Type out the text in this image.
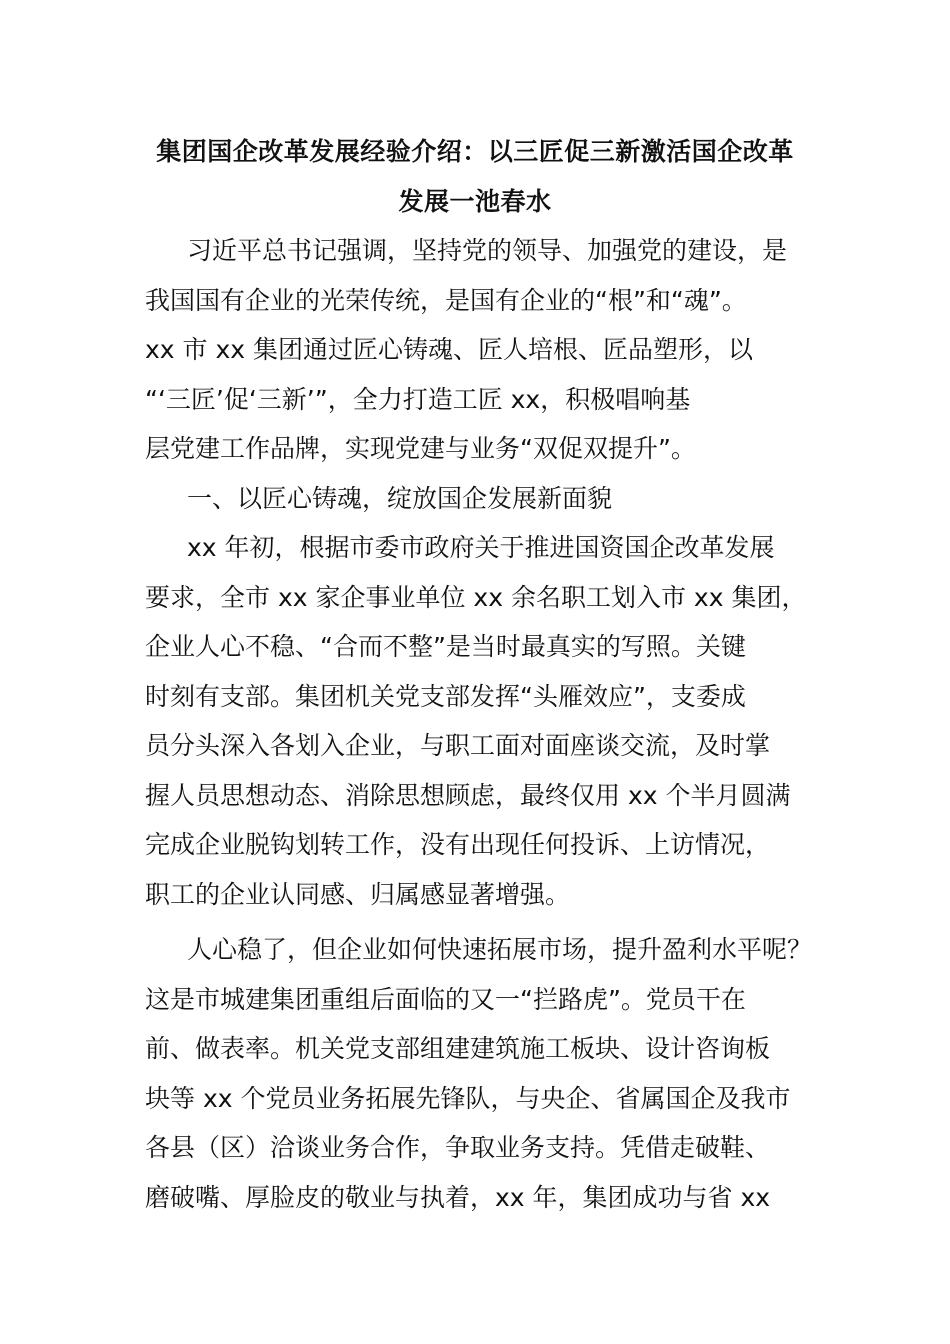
集团国企改革发展经验介绍：以三匠促三新激活国企改革
发展一池春水
习近平总书记强调，坚持党的领导、加强党的建设，是
我国国有企业的光荣传统，是国有企业的“根”和“魂”。
xx 市 xx 集团通过匠心铸魂、匠人培根、匠品塑形，以
“‘三匠’促‘三新’”，全力打造工匠 xx，积极唱响基
层党建工作品牌，实现党建与业务“双促双提升”。
一、以匠心铸魂，绽放国企发展新面貌
xx 年初，根据市委市政府关于推进国资国企改革发展
要求，全市 xx 家企事业单位 xx 余名职工划入市 xx 集团，
企业人心不稳、“合而不整”是当时最真实的写照。关键
时刻有支部。集团机关党支部发挥“头雁效应”，支委成
员分头深入各划入企业，与职工面对面座谈交流，及时掌
握人员思想动态、消除思想顾虑，最终仅用 xx 个半月圆满
完成企业脱钩划转工作，没有出现任何投诉、上访情况，
职工的企业认同感、归属感显著增强。
人心稳了，但企业如何快速拓展市场，提升盈利水平呢？
这是市城建集团重组后面临的又一“拦路虎”。党员干在
前、做表率。机关党支部组建建筑施工板块、设计咨询板
块等 xx 个党员业务拓展先锋队，与央企、省属国企及我市
各县（区）洽谈业务合作，争取业务支持。凭借走破鞋、
磨破嘴、厚脸皮的敬业与执着，xx 年，集团成功与省 xx
